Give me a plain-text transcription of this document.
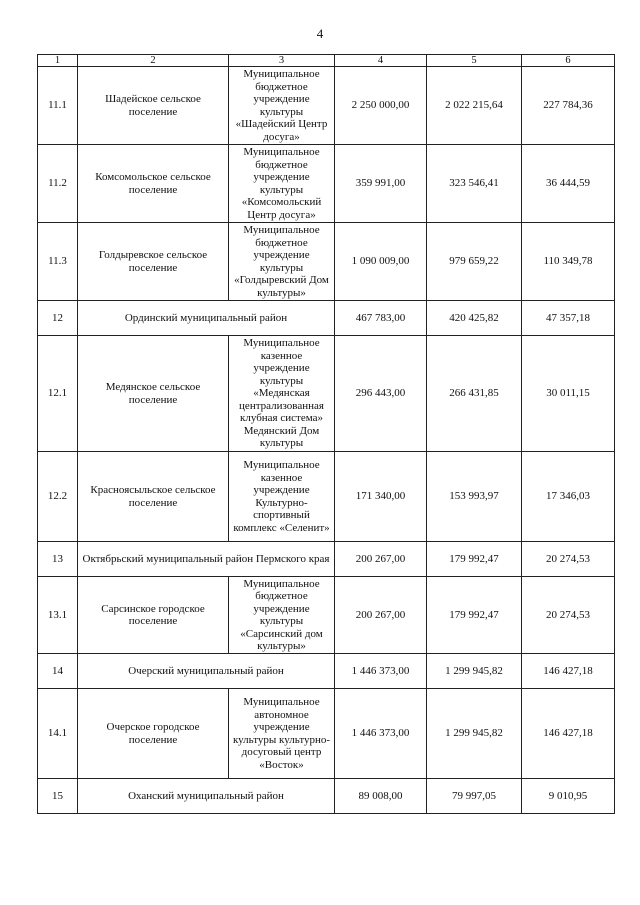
4
1	2	3	4	5	6
11.1	Шадейское сельское поселение	Муниципальное бюджетное учреждение культуры «Шадейский Центр досуга»	2 250 000,00	2 022 215,64	227 784,36
11.2	Комсомольское сельское поселение	Муниципальное бюджетное учреждение культуры «Комсомольский Центр досуга»	359 991,00	323 546,41	36 444,59
11.3	Голдыревское сельское поселение	Муниципальное бюджетное учреждение культуры «Голдыревский Дом культуры»	1 090 009,00	979 659,22	110 349,78
12	Ординский муниципальный район		467 783,00	420 425,82	47 357,18
12.1	Медянское сельское поселение	Муниципальное казенное учреждение культуры «Медянская централизованная клубная система» Медянский Дом культуры	296 443,00	266 431,85	30 011,15
12.2	Красноясыльское сельское поселение	Муниципальное казенное учреждение Культурно-спортивный комплекс «Селенит»	171 340,00	153 993,97	17 346,03
13	Октябрьский муниципальный район Пермского края		200 267,00	179 992,47	20 274,53
13.1	Сарсинское городское поселение	Муниципальное бюджетное учреждение культуры «Сарсинский дом культуры»	200 267,00	179 992,47	20 274,53
14	Очерский муниципальный район		1 446 373,00	1 299 945,82	146 427,18
14.1	Очерское городское поселение	Муниципальное автономное учреждение культуры культурно-досуговый центр «Восток»	1 446 373,00	1 299 945,82	146 427,18
15	Оханский муниципальный район		89 008,00	79 997,05	9 010,95
